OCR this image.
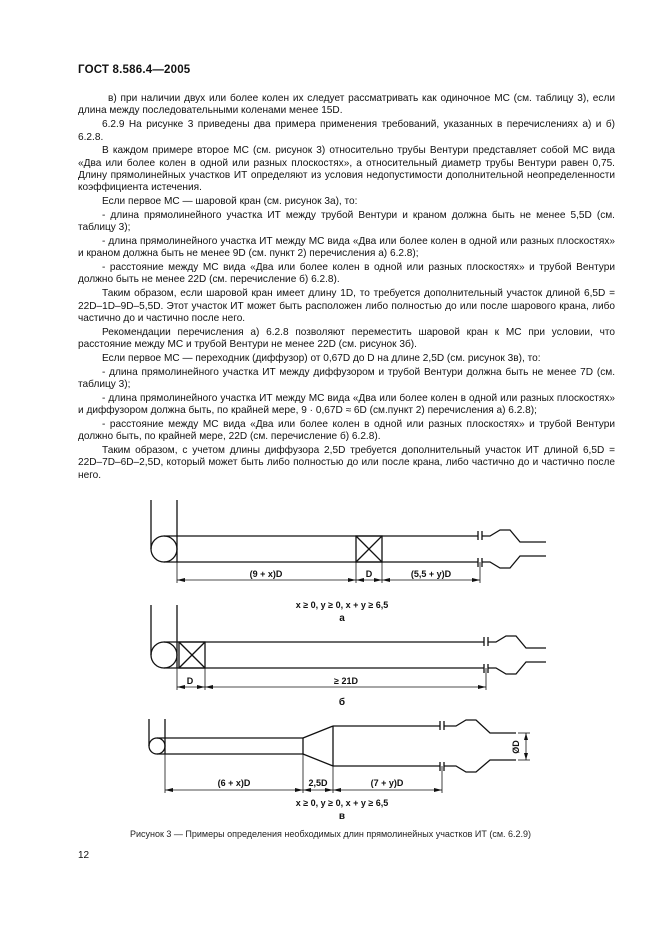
ГОСТ 8.586.4—2005

в) при наличии двух или более колен их следует рассматривать как одиночное МС (см. таблицу 3), если длина между последовательными коленами менее 15D.

6.2.9 На рисунке 3 приведены два примера применения требований, указанных в перечислениях а) и б) 6.2.8.

В каждом примере второе МС (см. рисунок 3) относительно трубы Вентури представляет собой МС вида «Два или более колен в одной или разных плоскостях», а относительный диаметр трубы Вентури равен 0,75. Длину прямолинейных участков ИТ определяют из условия недопустимости дополнительной неопределенности коэффициента истечения.

Если первое МС — шаровой кран (см. рисунок 3а), то:

- длина прямолинейного участка ИТ между трубой Вентури и краном должна быть не менее 5,5D (см. таблицу 3);

- длина прямолинейного участка ИТ между МС вида «Два или более колен в одной или разных плоскостях» и краном должна быть не менее 9D (см. пункт 2) перечисления а) 6.2.8);

- расстояние между МС вида «Два или более колен в одной или разных плоскостях» и трубой Вентури должно быть не менее 22D (см. перечисление б) 6.2.8).

Таким образом, если шаровой кран имеет длину 1D, то требуется дополнительный участок длиной 6,5D = 22D–1D–9D–5,5D. Этот участок ИТ может быть расположен либо полностью до или после шарового крана, либо частично до и частично после него.

Рекомендации перечисления а) 6.2.8 позволяют переместить шаровой кран к МС при условии, что расстояние между МС и трубой Вентури не менее 22D (см. рисунок 3б).

Если первое МС — переходник (диффузор) от 0,67D до D на длине 2,5D (см. рисунок 3в), то:

- длина прямолинейного участка ИТ между диффузором и трубой Вентури должна быть не менее 7D (см. таблицу 3);

- длина прямолинейного участка ИТ между МС вида «Два или более колен в одной или разных плоскостях» и диффузором должна быть, по крайней мере, 9 · 0,67D ≈ 6D (см.пункт 2) перечисления а) 6.2.8);

- расстояние между МС вида «Два или более колен в одной или разных плоскостях» и трубой Вентури должно быть, по крайней мере, 22D (см. перечисление б) 6.2.8).

Таким образом, с учетом длины диффузора 2,5D требуется дополнительный участок ИТ длиной 6,5D = 22D–7D–6D–2,5D, который может быть либо полностью до или после крана, либо частично до и частично после него.

(9 + x)D	D	(5,5 + y)D
x ≥ 0, y ≥ 0, x + y ≥ 6,5
а
D	≥ 21D
б
ØD
(6 + x)D	2,5D	(7 + y)D
x ≥ 0, y ≥ 0, x + y ≥ 6,5
в
Рисунок 3 — Примеры определения необходимых длин прямолинейных участков ИТ (см. 6.2.9)
12
